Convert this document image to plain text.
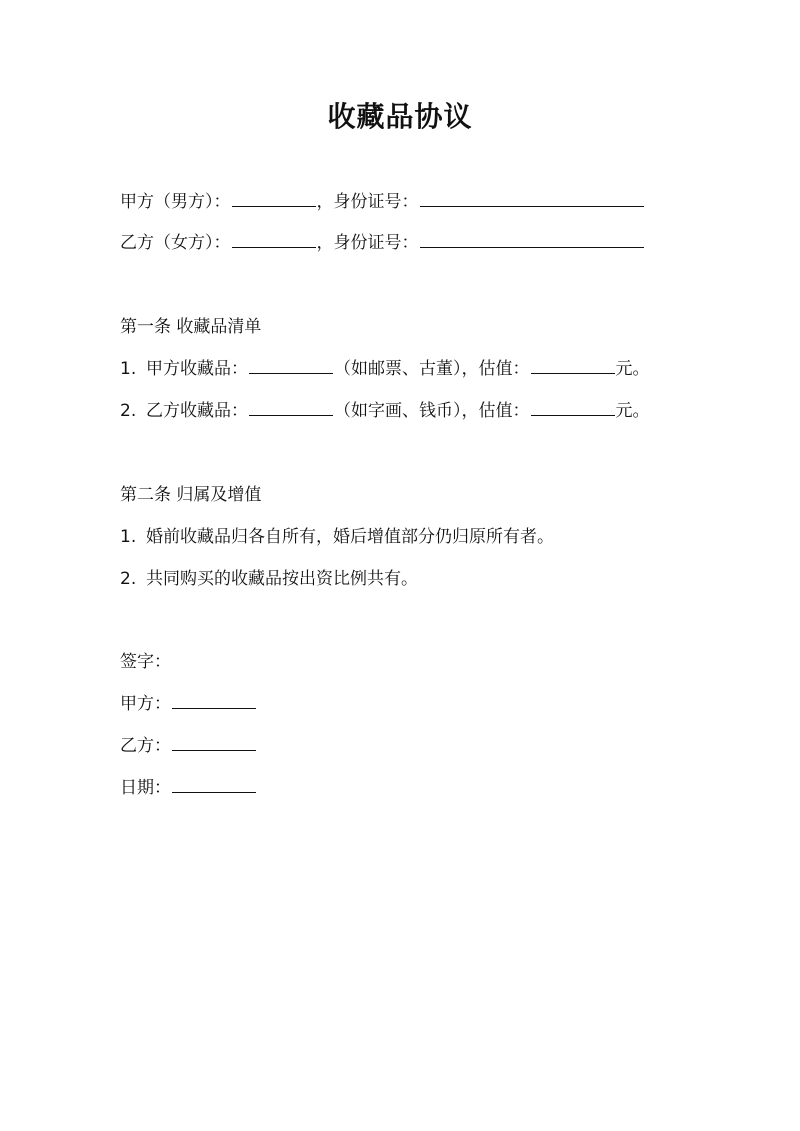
收藏品协议
甲方（男方）：	， 身份证号：
乙方（女方）：	， 身份证号：
第一条 收藏品清单
1. 甲方收藏品：	（如邮票、古董），估值：	元。
2. 乙方收藏品：	（如字画、钱币），估值：	元。
第二条 归属及增值
1. 婚前收藏品归各自所有，婚后增值部分仍归原所有者。
2. 共同购买的收藏品按出资比例共有。
签字：
甲方：
乙方：
日期：
